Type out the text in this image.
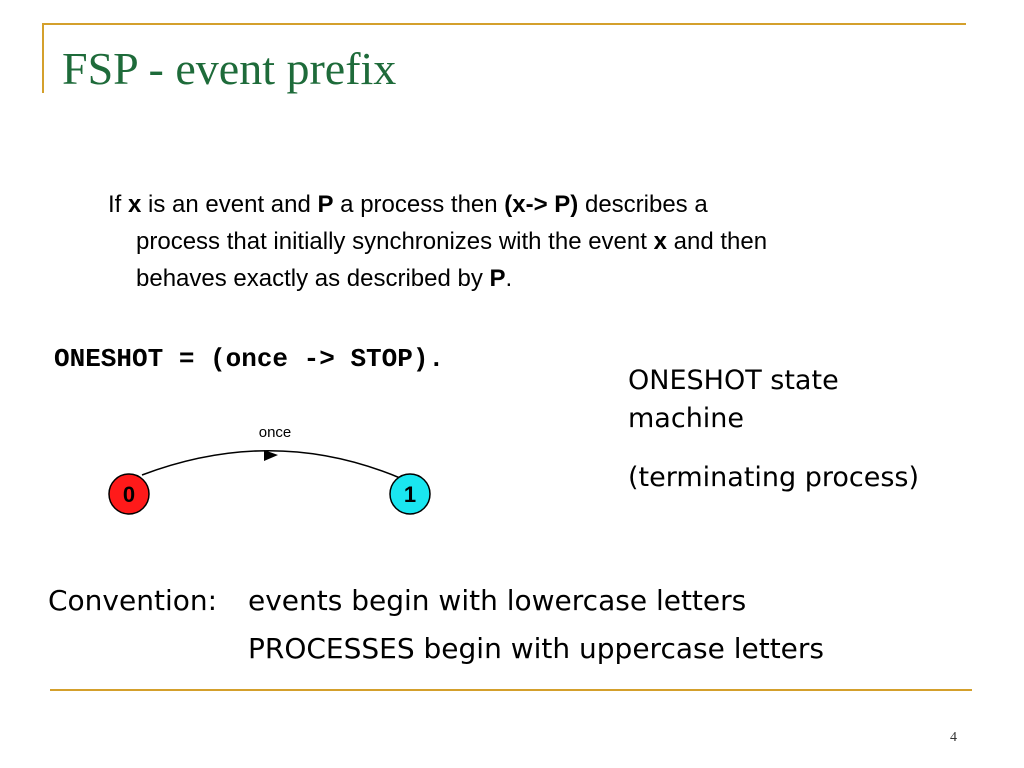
FSP - event prefix
If x is an event and P a process then (x-> P) describes a
process that initially synchronizes with the event x and then
behaves exactly as described by P.
ONESHOT = (once -> STOP).
once
0	1
ONESHOT state
machine
(terminating process)
Convention: events begin with lowercase letters
PROCESSES begin with uppercase letters
4
